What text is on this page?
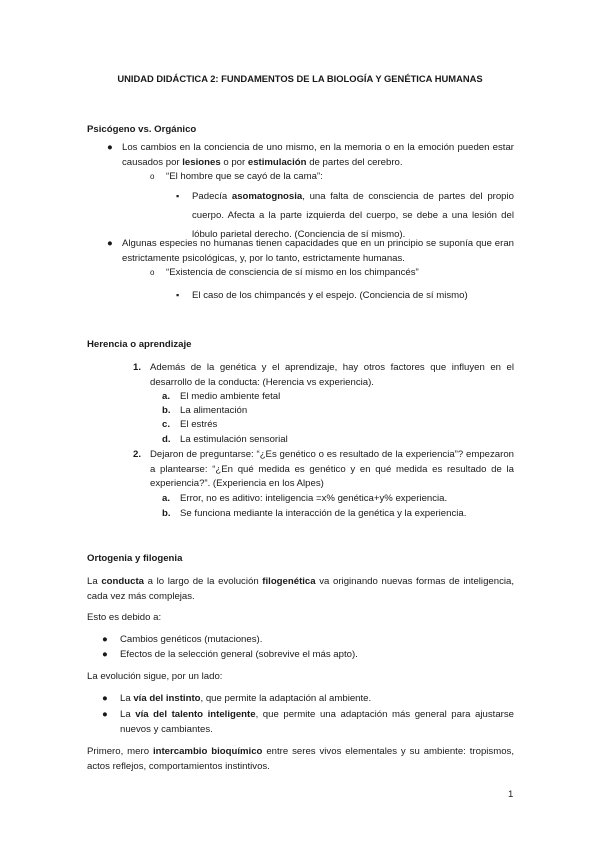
UNIDAD DIDÁCTICA 2: FUNDAMENTOS DE LA BIOLOGÍA Y GENÉTICA HUMANAS
Psicógeno vs. Orgánico
● Los cambios en la conciencia de uno mismo, en la memoria o en la emoción pueden estar causados por lesiones o por estimulación de partes del cerebro.
o “El hombre que se cayó de la cama”:
▪ Padecía asomatognosia, una falta de consciencia de partes del propio cuerpo. Afecta a la parte izquierda del cuerpo, se debe a una lesión del lóbulo parietal derecho. (Conciencia de sí mismo).
● Algunas especies no humanas tienen capacidades que en un principio se suponía que eran estrictamente psicológicas, y, por lo tanto, estrictamente humanas.
o “Existencia de consciencia de sí mismo en los chimpancés”
▪ El caso de los chimpancés y el espejo. (Conciencia de sí mismo)
Herencia o aprendizaje
1. Además de la genética y el aprendizaje, hay otros factores que influyen en el desarrollo de la conducta: (Herencia vs experiencia).
a. El medio ambiente fetal
b. La alimentación
c. El estrés
d. La estimulación sensorial
2. Dejaron de preguntarse: “¿Es genético o es resultado de la experiencia”? empezaron a plantearse: “¿En qué medida es genético y en qué medida es resultado de la experiencia?”. (Experiencia en los Alpes)
a. Error, no es aditivo: inteligencia =x% genética+y% experiencia.
b. Se funciona mediante la interacción de la genética y la experiencia.
Ortogenia y filogenia
La conducta a lo largo de la evolución filogenética va originando nuevas formas de inteligencia, cada vez más complejas.
Esto es debido a:
● Cambios genéticos (mutaciones).
● Efectos de la selección general (sobrevive el más apto).
La evolución sigue, por un lado:
● La vía del instinto, que permite la adaptación al ambiente.
● La vía del talento inteligente, que permite una adaptación más general para ajustarse nuevos y cambiantes.
Primero, mero intercambio bioquímico entre seres vivos elementales y su ambiente: tropismos, actos reflejos, comportamientos instintivos.
1
